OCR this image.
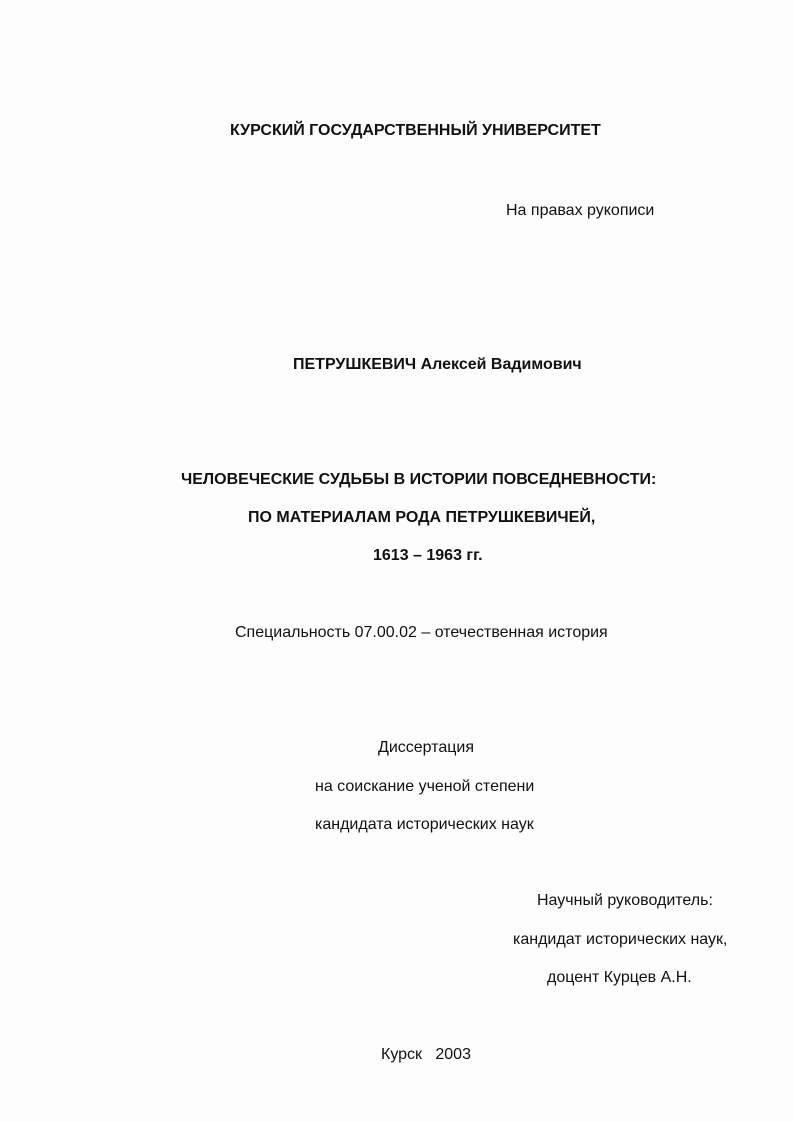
КУРСКИЙ ГОСУДАРСТВЕННЫЙ УНИВЕРСИТЕТ
На правах рукописи
ПЕТРУШКЕВИЧ Алексей Вадимович
ЧЕЛОВЕЧЕСКИЕ СУДЬБЫ В ИСТОРИИ ПОВСЕДНЕВНОСТИ:
ПО МАТЕРИАЛАМ РОДА ПЕТРУШКЕВИЧЕЙ,
1613 – 1963 гг.
Специальность 07.00.02 – отечественная история
Диссертация
на соискание ученой степени
кандидата исторических наук
Научный руководитель:
кандидат исторических наук,
доцент Курцев А.Н.
Курск   2003
